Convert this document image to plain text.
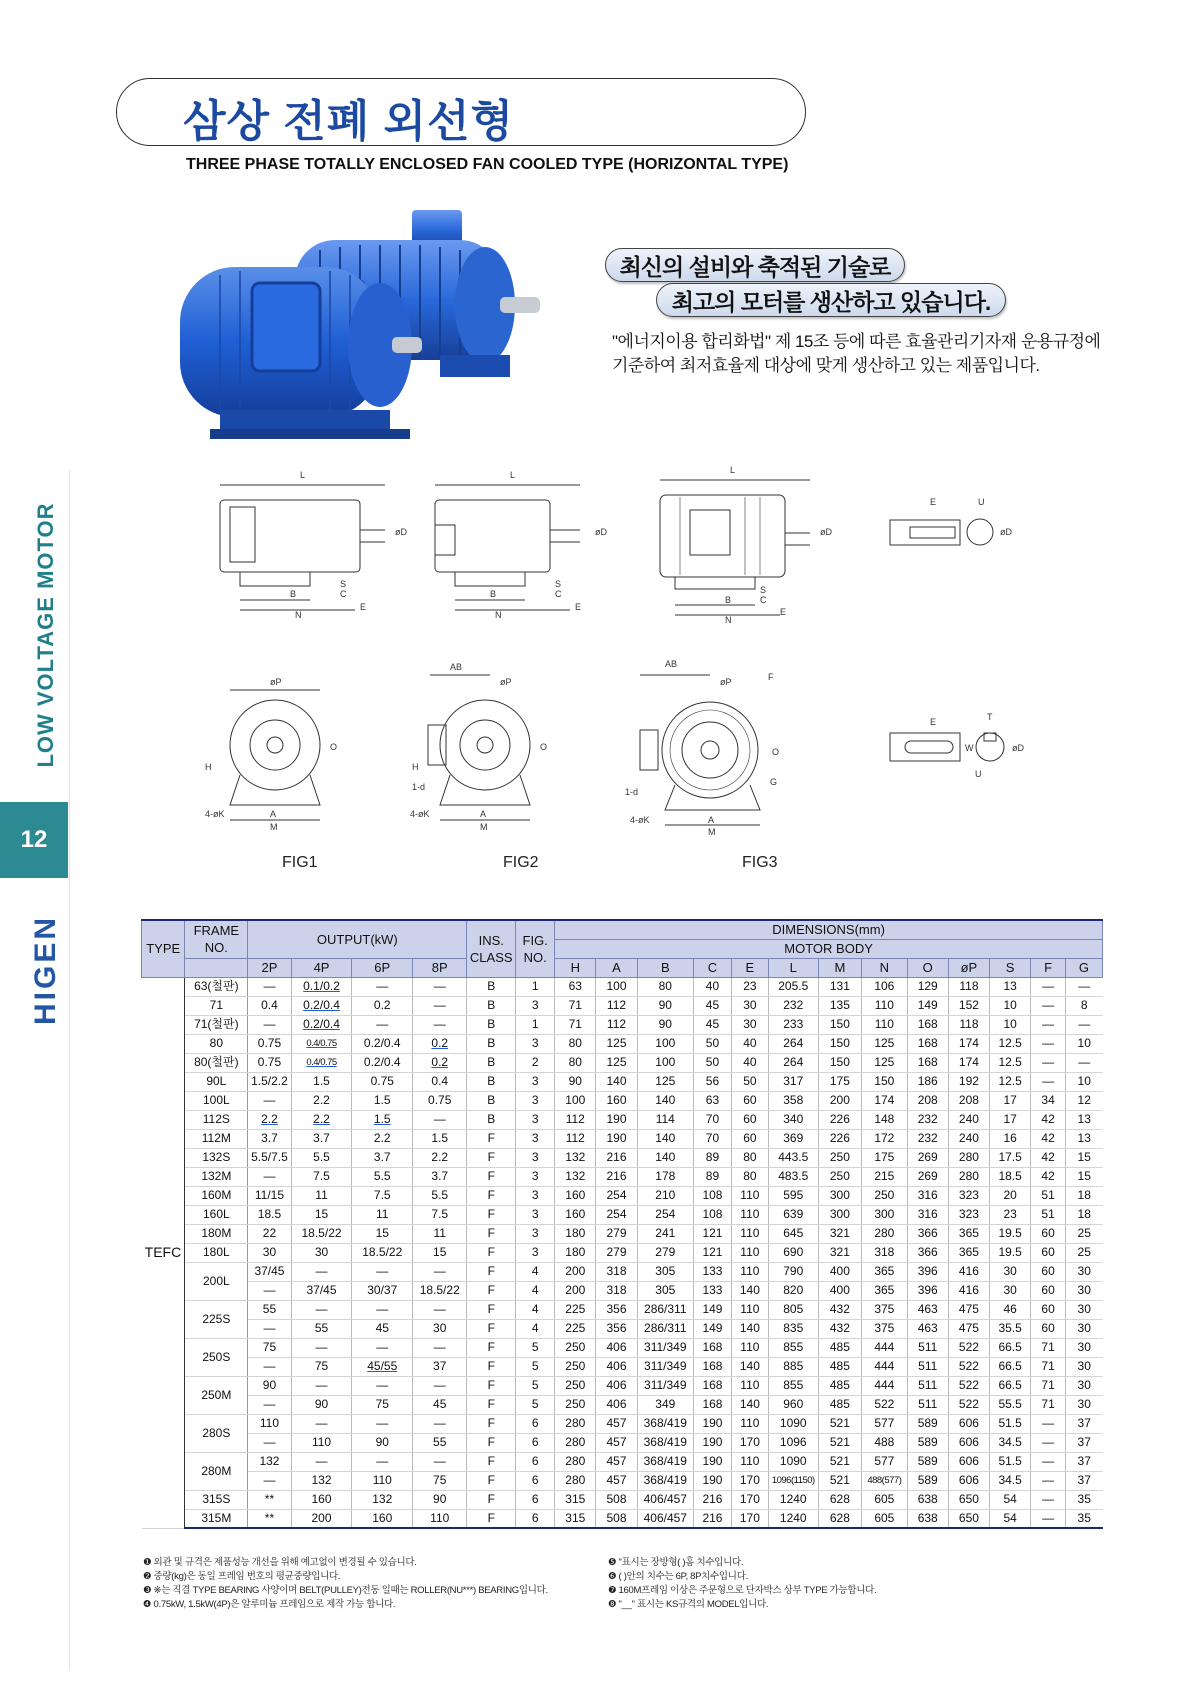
LOW VOLTAGE MOTOR
12
HIGEN
삼상 전폐 외선형
THREE PHASE TOTALLY ENCLOSED FAN COOLED TYPE (HORIZONTAL TYPE)
최신의 설비와 축적된 기술로
최고의 모터를 생산하고 있습니다.
"에너지이용 합리화법" 제 15조 등에 따른 효율관리기자재 운용규정에 기준하여 최저효율제 대상에 맞게 생산하고 있는 제품입니다.
L
B
N
C
E
S
øD
L
B
N
C
E
S
øD
L
B
N
C
E
S
øD
E	U
øD
øP
A
M
4-øK
H
O
AB
øP
A
M
4-øK
1-d
H
O
AB
øP
A
M
4-øK
1-d
G
O
F
E	T
W
U
øD
FIG1	FIG2	FIG3
TYPE	FRAME NO.	OUTPUT(kW)				INS. CLASS	FIG. NO.	DIMENSIONS(mm)												
								MOTOR BODY												
		2P	4P	6P	8P			H	A	B	C	E	L	M	N	O	øP	S	F	G
TEFC	63(철판)	—	0.1/0.2	—	—	B	1	63	100	80	40	23	205.5	131	106	129	118	13	—	—
	71	0.4	0.2/0.4	0.2	—	B	3	71	112	90	45	30	232	135	110	149	152	10	—	8
	71(철판)	—	0.2/0.4	—	—	B	1	71	112	90	45	30	233	150	110	168	118	10	—	—
	80	0.75	0.4/0.75	0.2/0.4	0.2	B	3	80	125	100	50	40	264	150	125	168	174	12.5	—	10
	80(철판)	0.75	0.4/0.75	0.2/0.4	0.2	B	2	80	125	100	50	40	264	150	125	168	174	12.5	—	—
	90L	1.5/2.2	1.5	0.75	0.4	B	3	90	140	125	56	50	317	175	150	186	192	12.5	—	10
	100L	—	2.2	1.5	0.75	B	3	100	160	140	63	60	358	200	174	208	208	17	34	12
	112S	2.2	2.2	1.5	—	B	3	112	190	114	70	60	340	226	148	232	240	17	42	13
	112M	3.7	3.7	2.2	1.5	F	3	112	190	140	70	60	369	226	172	232	240	16	42	13
	132S	5.5/7.5	5.5	3.7	2.2	F	3	132	216	140	89	80	443.5	250	175	269	280	17.5	42	15
	132M	—	7.5	5.5	3.7	F	3	132	216	178	89	80	483.5	250	215	269	280	18.5	42	15
	160M	11/15	11	7.5	5.5	F	3	160	254	210	108	110	595	300	250	316	323	20	51	18
	160L	18.5	15	11	7.5	F	3	160	254	254	108	110	639	300	300	316	323	23	51	18
	180M	22	18.5/22	15	11	F	3	180	279	241	121	110	645	321	280	366	365	19.5	60	25
	180L	30	30	18.5/22	15	F	3	180	279	279	121	110	690	321	318	366	365	19.5	60	25
	200L	37/45	—	—	—	F	4	200	318	305	133	110	790	400	365	396	416	30	60	30
		—	37/45	30/37	18.5/22	F	4	200	318	305	133	140	820	400	365	396	416	30	60	30
	225S	55	—	—	—	F	4	225	356	286/311	149	110	805	432	375	463	475	46	60	30
		—	55	45	30	F	4	225	356	286/311	149	140	835	432	375	463	475	35.5	60	30
	250S	75	—	—	—	F	5	250	406	311/349	168	110	855	485	444	511	522	66.5	71	30
		—	75	45/55	37	F	5	250	406	311/349	168	140	885	485	444	511	522	66.5	71	30
	250M	90	—	—	—	F	5	250	406	311/349	168	110	855	485	444	511	522	66.5	71	30
		—	90	75	45	F	5	250	406	349	168	140	960	485	522	511	522	55.5	71	30
	280S	110	—	—	—	F	6	280	457	368/419	190	110	1090	521	577	589	606	51.5	—	37
		—	110	90	55	F	6	280	457	368/419	190	170	1096	521	488	589	606	34.5	—	37
	280M	132	—	—	—	F	6	280	457	368/419	190	110	1090	521	577	589	606	51.5	—	37
		—	132	110	75	F	6	280	457	368/419	190	170	1096(1150)	521	488(577)	589	606	34.5	—	37
	315S	**	160	132	90	F	6	315	508	406/457	216	170	1240	628	605	638	650	54	—	35
	315M	**	200	160	110	F	6	315	508	406/457	216	170	1240	628	605	638	650	54	—	35
❶ 외관 및 규격은 제품성능 개선을 위해 예고없이 변경될 수 있습니다.
❷ 중량(kg)은 동일 프레임 번호의 평균중량입니다.
❸ ※는 직결 TYPE BEARING 사양이며 BELT(PULLEY)전동 일때는 ROLLER(NU***) BEARING입니다.
❹ 0.75kW, 1.5kW(4P)은 알루미늄 프레임으로 제작 가능 합니다.
❺ "표시는 장방형( )홈 치수입니다.
❻ ( )안의 치수는 6P, 8P치수입니다.
❼ 160M프레임 이상은 주문형으로 단자박스 상부 TYPE 가능합니다.
❽ "__" 표시는 KS규격의 MODEL입니다.
